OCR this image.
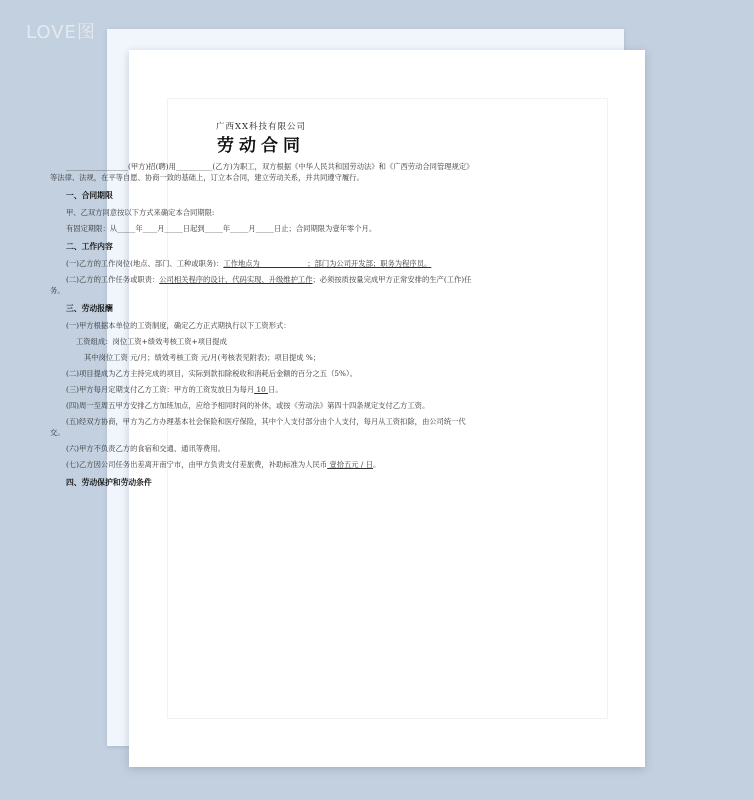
LOVE图
广西XX科技有限公司
劳动合同
_________________(甲方)招(聘)用__________(乙方)为职工，双方根据《中华人民共和国劳动法》和《广西劳动合同管理规定》等法律、法规，在平等自愿、协商一致的基础上，订立本合同，建立劳动关系，并共同遵守履行。
一、合同期限
甲、乙双方同意按以下方式来确定本合同期限:
有固定期限：从_____年____月_____日起到_____年_____月_____日止；合同期限为壹年零个月。
二、工作内容
(一)乙方的工作岗位(地点、部门、工种或职务)：工作地点为_____________；部门为公司开发部；职务为程序员。
(二)乙方的工作任务或职责：公司相关程序的设计、代码实现、升级维护工作；必须按质按量完成甲方正常安排的生产(工作)任务。
三、劳动报酬
(一)甲方根据本单位的工资制度，确定乙方正式期执行以下工资形式：
工资组成：岗位工资+绩效考核工资+项目提成
其中岗位工资 元/月；绩效考核工资 元/月(考核表见附表)；项目提成 %；
(二)项目提成为乙方主持完成的项目，实际到款扣除税收和消耗后金额的百分之五（5%）。
(三)甲方每月定期支付乙方工资：甲方的工资发放日为每月 10 日。
(四)周一至周五甲方安排乙方加班加点，应给予相同时间的补休，或按《劳动法》第四十四条规定支付乙方工资。
(五)经双方协商，甲方为乙方办理基本社会保险和医疗保险，其中个人支付部分由个人支付，每月从工资扣除，由公司统一代交。
(六)甲方不负责乙方的食宿和交通、通讯等费用。
(七)乙方因公司任务出差离开南宁市，由甲方负责支付差旅费，补助标准为人民币 壹拾五元 / 日。
四、劳动保护和劳动条件
